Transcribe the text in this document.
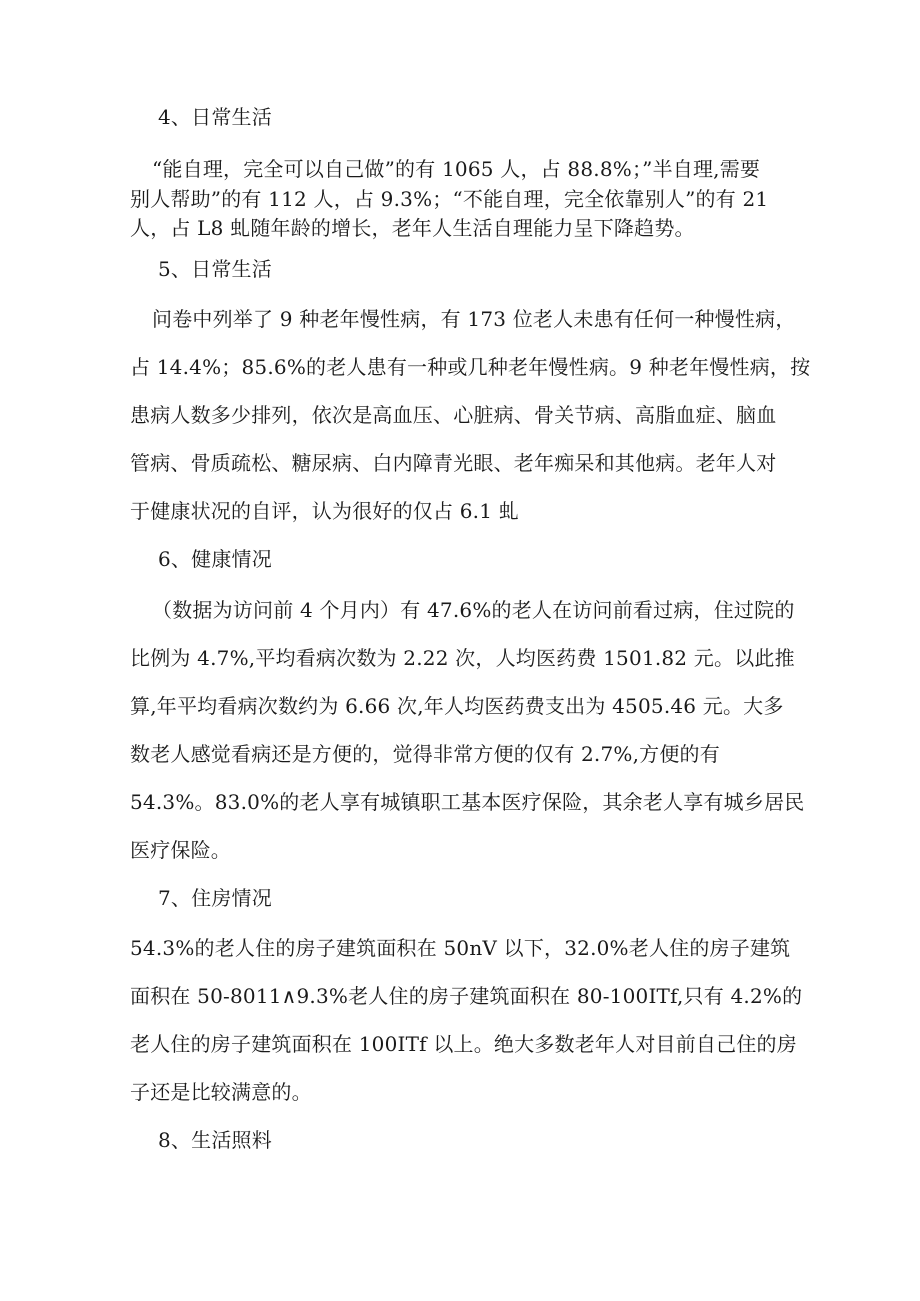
4、日常生活
“能自理，完全可以自己做”的有 1065 人，占 88.8%；”半自理,需要
别人帮助”的有 112 人，占 9.3%；“不能自理，完全依靠别人”的有 21
人，占 L8 虬随年龄的增长，老年人生活自理能力呈下降趋势。
5、日常生活
问卷中列举了 9 种老年慢性病，有 173 位老人未患有任何一种慢性病，
占 14.4%；85.6%的老人患有一种或几种老年慢性病。9 种老年慢性病，按
患病人数多少排列，依次是高血压、心脏病、骨关节病、高脂血症、脑血
管病、骨质疏松、糖尿病、白内障青光眼、老年痴呆和其他病。老年人对
于健康状况的自评，认为很好的仅占 6.1 虬
6、健康情况
（数据为访问前 4 个月内）有 47.6%的老人在访问前看过病，住过院的
比例为 4.7%,平均看病次数为 2.22 次，人均医药费 1501.82 元。以此推
算,年平均看病次数约为 6.66 次,年人均医药费支出为 4505.46 元。大多
数老人感觉看病还是方便的，觉得非常方便的仅有 2.7%,方便的有
54.3%。83.0%的老人享有城镇职工基本医疗保险，其余老人享有城乡居民
医疗保险。
7、住房情况
54.3%的老人住的房子建筑面积在 50nV 以下，32.0%老人住的房子建筑
面积在 50-8011∧9.3%老人住的房子建筑面积在 80-100ITf,只有 4.2%的
老人住的房子建筑面积在 100ITf 以上。绝大多数老年人对目前自己住的房
子还是比较满意的。
8、生活照料
